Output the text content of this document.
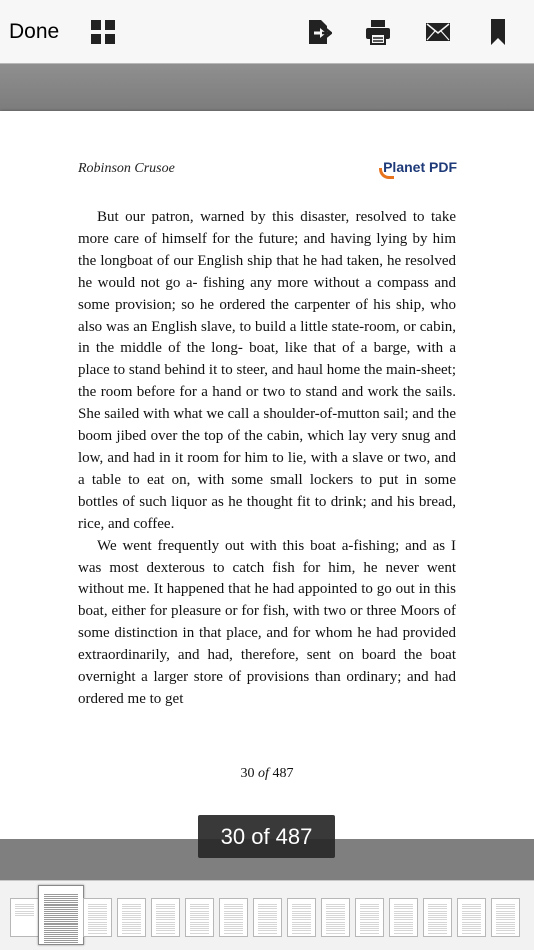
Done
Robinson Crusoe	Planet PDF

But our patron, warned by this disaster, resolved to take more care of himself for the future; and having lying by him the longboat of our English ship that he had taken, he resolved he would not go a- fishing any more without a compass and some provision; so he ordered the carpenter of his ship, who also was an English slave, to build a little state-room, or cabin, in the middle of the long- boat, like that of a barge, with a place to stand behind it to steer, and haul home the main-sheet; the room before for a hand or two to stand and work the sails. She sailed with what we call a shoulder-of-mutton sail; and the boom jibed over the top of the cabin, which lay very snug and low, and had in it room for him to lie, with a slave or two, and a table to eat on, with some small lockers to put in some bottles of such liquor as he thought fit to drink; and his bread, rice, and coffee.

We went frequently out with this boat a-fishing; and as I was most dexterous to catch fish for him, he never went without me. It happened that he had appointed to go out in this boat, either for pleasure or for fish, with two or three Moors of some distinction in that place, and for whom he had provided extraordinarily, and had, therefore, sent on board the boat overnight a larger store of provisions than ordinary; and had ordered me to get

30 of 487
30 of 487
